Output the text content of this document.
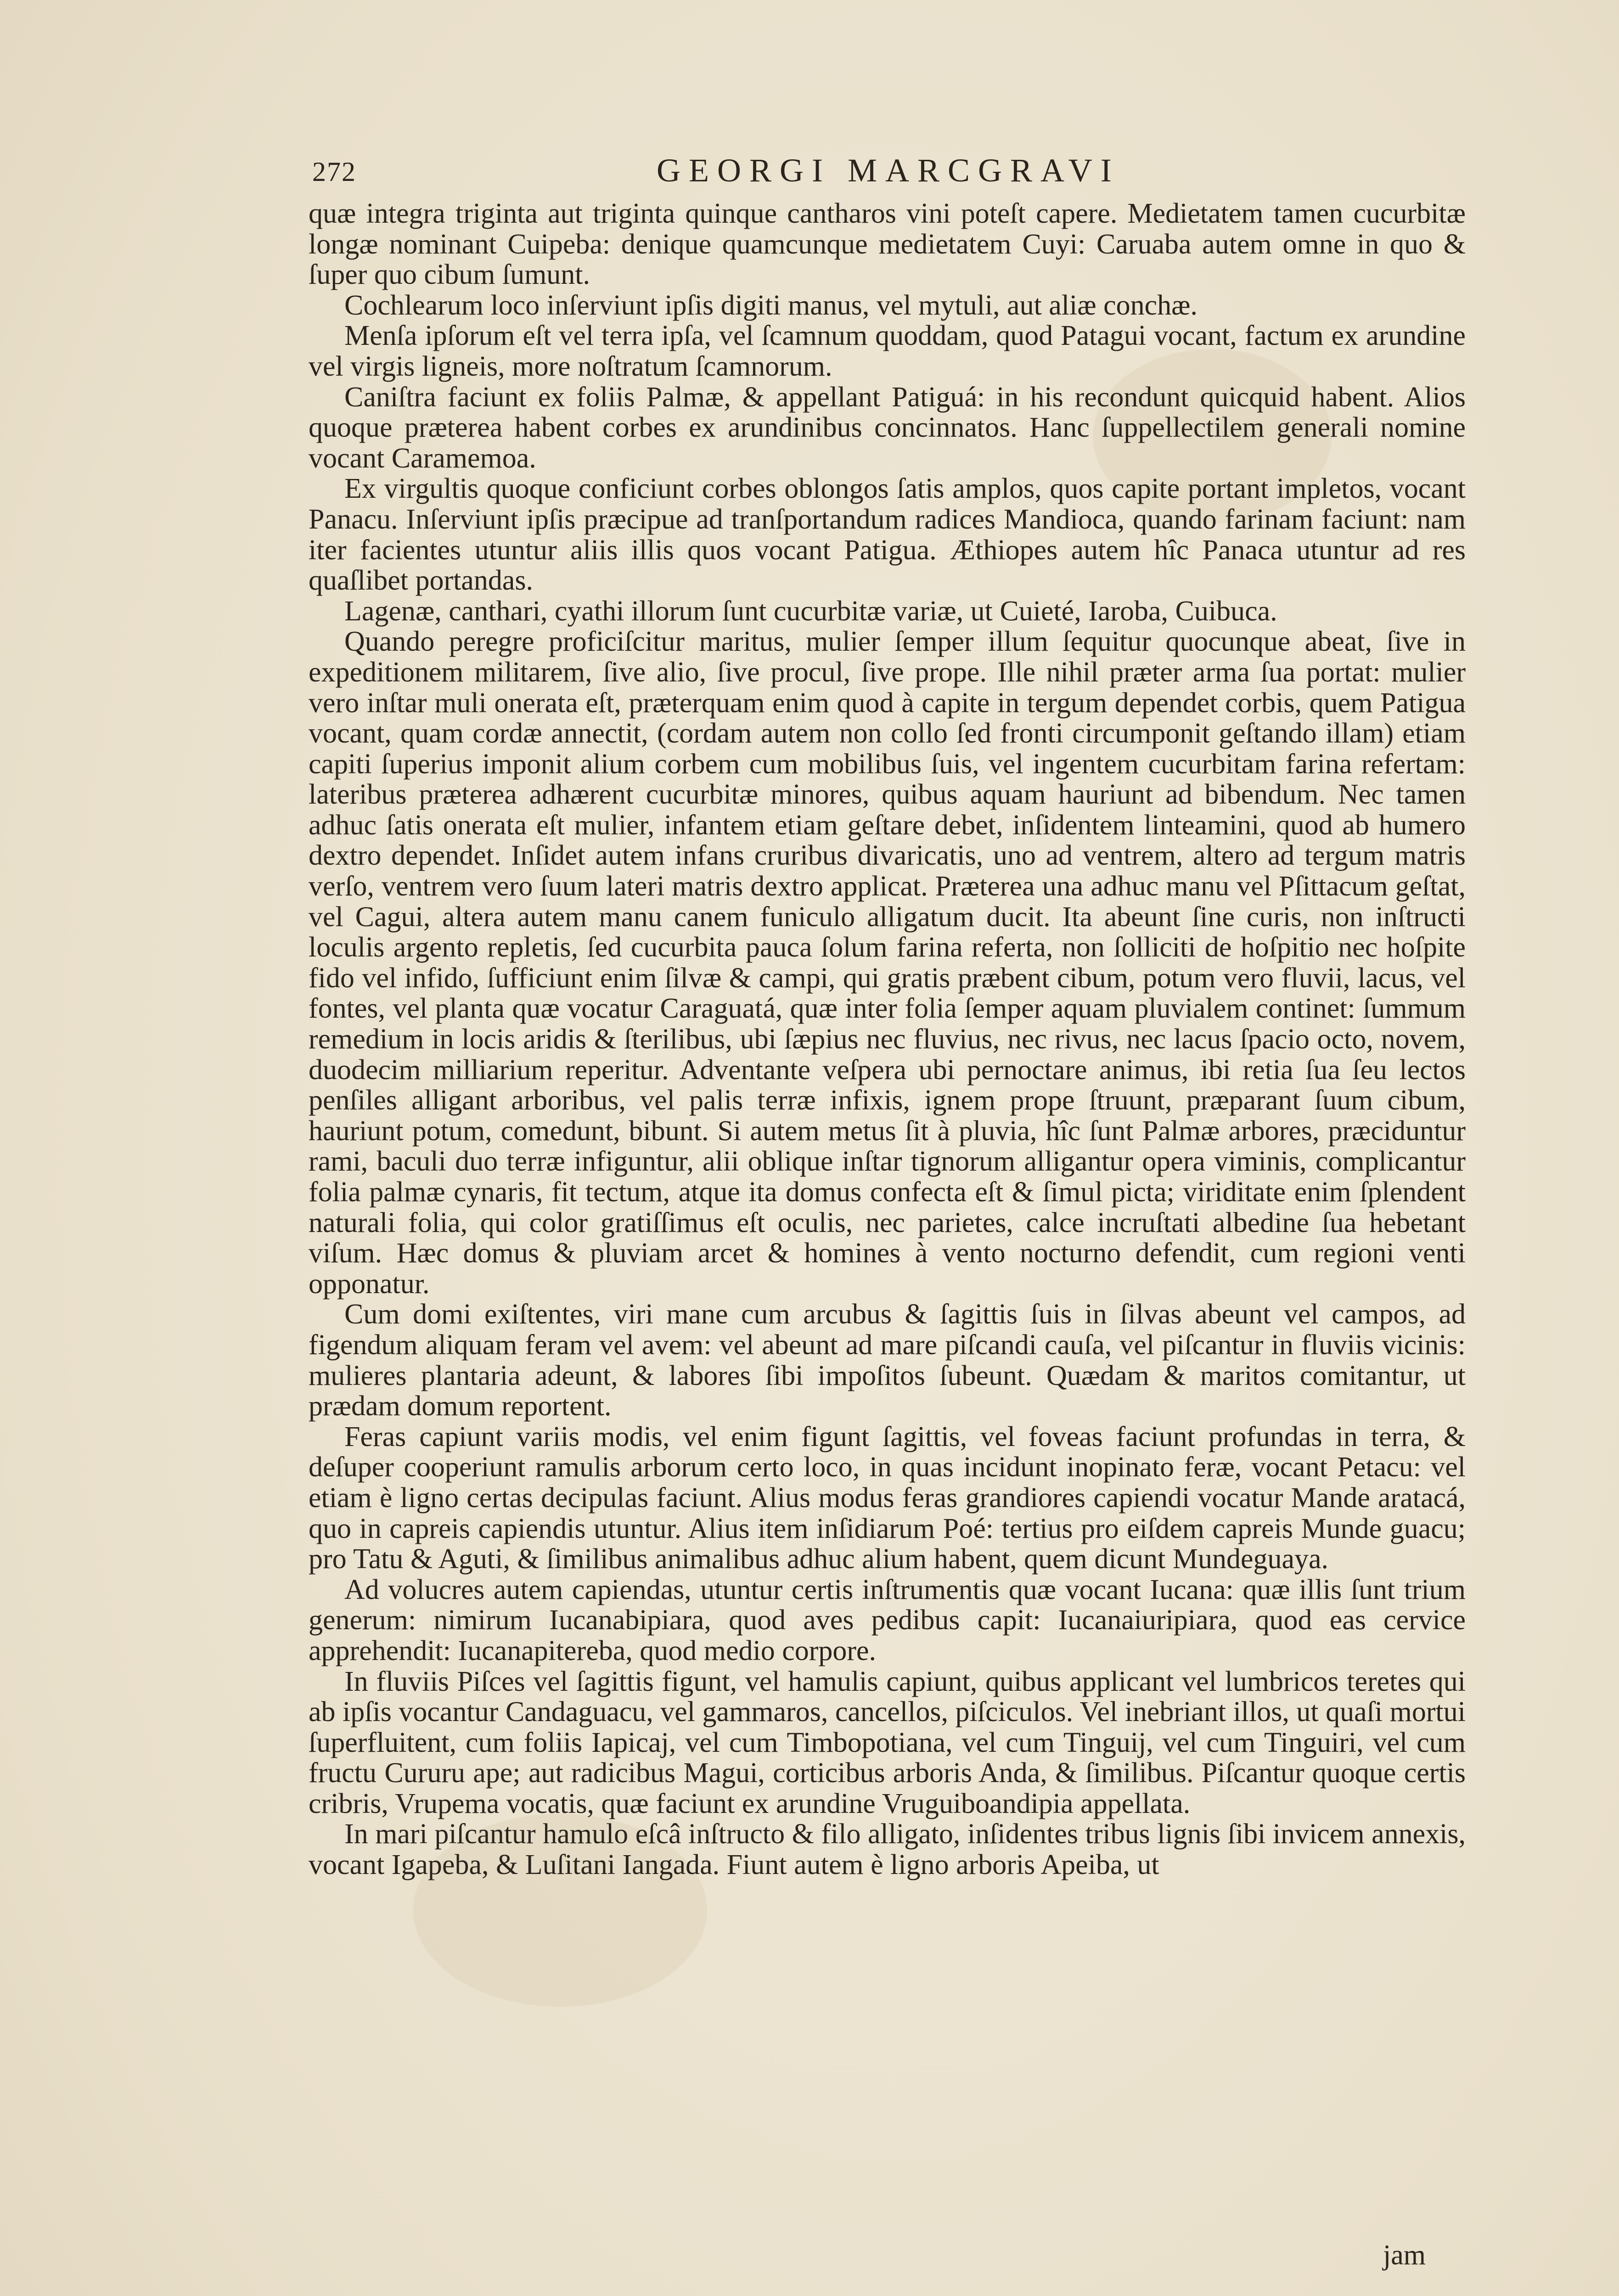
272	GEORGI MARCGRAVI

quæ integra triginta aut triginta quinque cantharos vini poteſt capere. Medietatem tamen cucurbitæ longæ nominant Cuipeba: denique quamcunque medietatem Cuyi: Caruaba autem omne in quo & ſuper quo cibum ſumunt.

Cochlearum loco inſerviunt ipſis digiti manus, vel mytuli, aut aliæ conchæ.

Menſa ipſorum eſt vel terra ipſa, vel ſcamnum quoddam, quod Patagui vocant, factum ex arundine vel virgis ligneis, more noſtratum ſcamnorum.

Caniſtra faciunt ex foliis Palmæ, & appellant Patiguá: in his recondunt quicquid habent. Alios quoque præterea habent corbes ex arundinibus concinnatos. Hanc ſuppellectilem generali nomine vocant Caramemoa.

Ex virgultis quoque conficiunt corbes oblongos ſatis amplos, quos capite portant impletos, vocant Panacu. Inſerviunt ipſis præcipue ad tranſportandum radices Mandioca, quando farinam faciunt: nam iter facientes utuntur aliis illis quos vocant Patigua. Æthiopes autem hîc Panaca utuntur ad res quaſlibet portandas.

Lagenæ, canthari, cyathi illorum ſunt cucurbitæ variæ, ut Cuieté, Iaroba, Cuibuca.

Quando peregre proficiſcitur maritus, mulier ſemper illum ſequitur quocunque abeat, ſive in expeditionem militarem, ſive alio, ſive procul, ſive prope. Ille nihil præter arma ſua portat: mulier vero inſtar muli onerata eſt, præterquam enim quod à capite in tergum dependet corbis, quem Patigua vocant, quam cordæ annectit, (cordam autem non collo ſed fronti circumponit geſtando illam) etiam capiti ſuperius imponit alium corbem cum mobilibus ſuis, vel ingentem cucurbitam farina refertam: lateribus præterea adhærent cucurbitæ minores, quibus aquam hauriunt ad bibendum. Nec tamen adhuc ſatis onerata eſt mulier, infantem etiam geſtare debet, inſidentem linteamini, quod ab humero dextro dependet. Inſidet autem infans cruribus divaricatis, uno ad ventrem, altero ad tergum matris verſo, ventrem vero ſuum lateri matris dextro applicat. Præterea una adhuc manu vel Pſittacum geſtat, vel Cagui, altera autem manu canem funiculo alligatum ducit. Ita abeunt ſine curis, non inſtructi loculis argento repletis, ſed cucurbita pauca ſolum farina referta, non ſolliciti de hoſpitio nec hoſpite fido vel infido, ſufficiunt enim ſilvæ & campi, qui gratis præbent cibum, potum vero fluvii, lacus, vel fontes, vel planta quæ vocatur Caraguatá, quæ inter folia ſemper aquam pluvialem continet: ſummum remedium in locis aridis & ſterilibus, ubi ſæpius nec fluvius, nec rivus, nec lacus ſpacio octo, novem, duodecim milliarium reperitur. Adventante veſpera ubi pernoctare animus, ibi retia ſua ſeu lectos penſiles alligant arboribus, vel palis terræ infixis, ignem prope ſtruunt, præparant ſuum cibum, hauriunt potum, comedunt, bibunt. Si autem metus ſit à pluvia, hîc ſunt Palmæ arbores, præciduntur rami, baculi duo terræ infiguntur, alii oblique inſtar tignorum alligantur opera viminis, complicantur folia palmæ cynaris, fit tectum, atque ita domus confecta eſt & ſimul picta; viriditate enim ſplendent naturali folia, qui color gratiſſimus eſt oculis, nec parietes, calce incruſtati albedine ſua hebetant viſum. Hæc domus & pluviam arcet & homines à vento nocturno defendit, cum regioni venti opponatur.

Cum domi exiſtentes, viri mane cum arcubus & ſagittis ſuis in ſilvas abeunt vel campos, ad figendum aliquam feram vel avem: vel abeunt ad mare piſcandi cauſa, vel piſcantur in fluviis vicinis: mulieres plantaria adeunt, & labores ſibi impoſitos ſubeunt. Quædam & maritos comitantur, ut prædam domum reportent.

Feras capiunt variis modis, vel enim figunt ſagittis, vel foveas faciunt profundas in terra, & deſuper cooperiunt ramulis arborum certo loco, in quas incidunt inopinato feræ, vocant Petacu: vel etiam è ligno certas decipulas faciunt. Alius modus feras grandiores capiendi vocatur Mande aratacá, quo in capreis capiendis utuntur. Alius item inſidiarum Poé: tertius pro eiſdem capreis Munde guacu; pro Tatu & Aguti, & ſimilibus animalibus adhuc alium habent, quem dicunt Mundeguaya.

Ad volucres autem capiendas, utuntur certis inſtrumentis quæ vocant Iucana: quæ illis ſunt trium generum: nimirum Iucanabipiara, quod aves pedibus capit: Iucanaiuripiara, quod eas cervice apprehendit: Iucanapitereba, quod medio corpore.

In fluviis Piſces vel ſagittis figunt, vel hamulis capiunt, quibus applicant vel lumbricos teretes qui ab ipſis vocantur Candaguacu, vel gammaros, cancellos, piſciculos. Vel inebriant illos, ut quaſi mortui ſuperfluitent, cum foliis Iapicaj, vel cum Timbopotiana, vel cum Tinguij, vel cum Tinguiri, vel cum fructu Cururu ape; aut radicibus Magui, corticibus arboris Anda, & ſimilibus. Piſcantur quoque certis cribris, Vrupema vocatis, quæ faciunt ex arundine Vruguiboandipia appellata.

In mari piſcantur hamulo eſcâ inſtructo & filo alligato, inſidentes tribus lignis ſibi invicem annexis, vocant Igapeba, & Luſitani Iangada. Fiunt autem è ligno arboris Apeiba, ut

jam
